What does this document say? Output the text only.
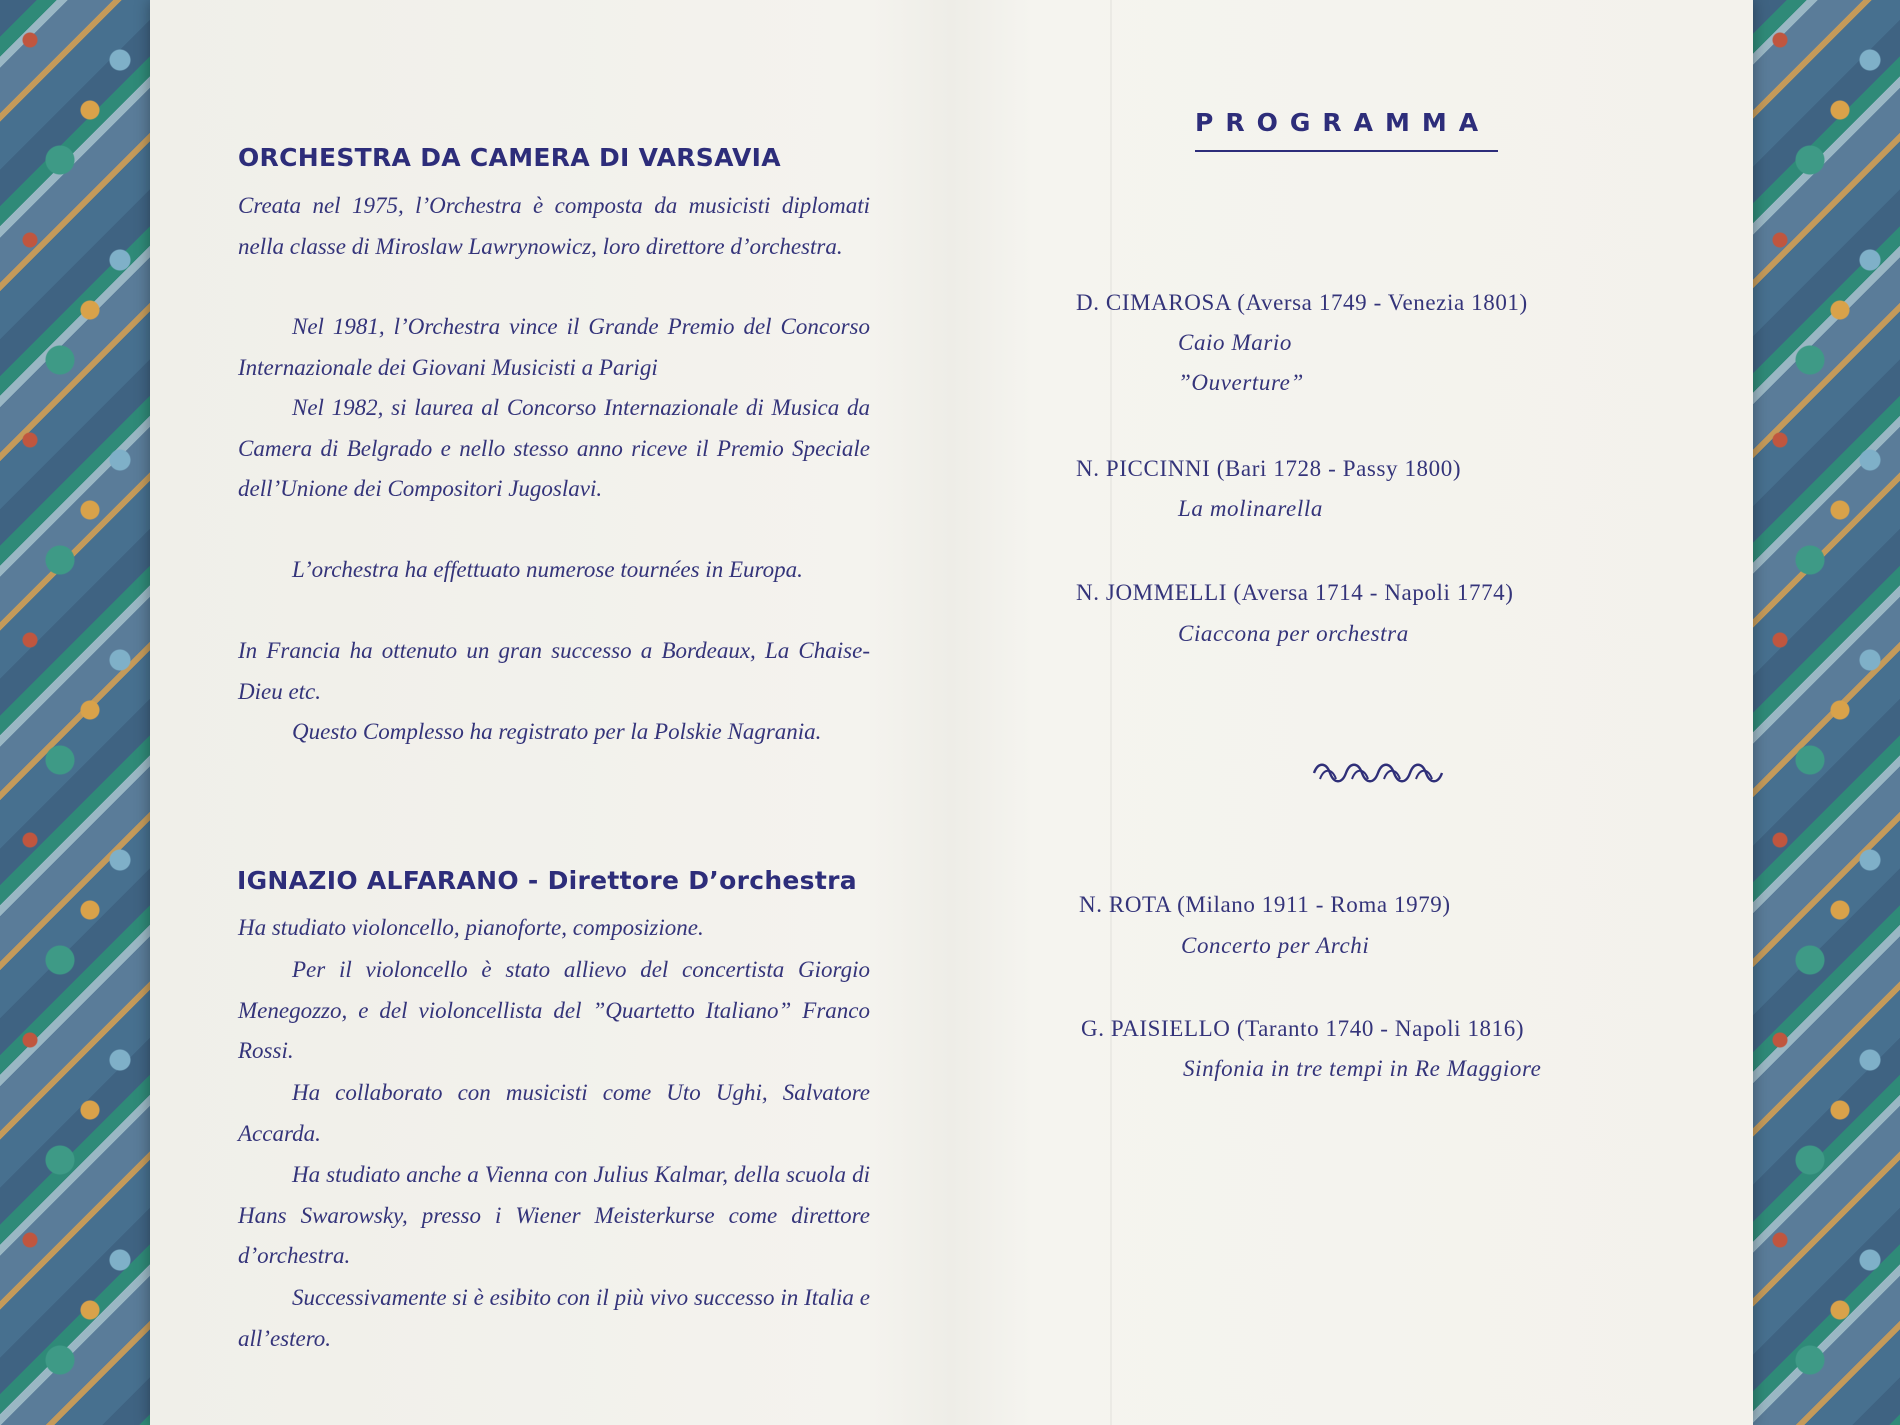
ORCHESTRA DA CAMERA DI VARSAVIA

Creata nel 1975, l’Orchestra è composta da musicisti diplomati nella classe di Miroslaw Lawrynowicz, loro direttore d’orchestra.

Nel 1981, l’Orchestra vince il Grande Premio del Concorso Internazionale dei Giovani Musicisti a Parigi

Nel 1982, si laurea al Concorso Internazionale di Musica da Camera di Belgrado e nello stesso anno riceve il Premio Speciale dell’Unione dei Compositori Jugoslavi.

L’orchestra ha effettuato numerose tournées in Europa.

In Francia ha ottenuto un gran successo a Bordeaux, La Chaise-Dieu etc.

Questo Complesso ha registrato per la Polskie Nagrania.

IGNAZIO ALFARANO - Direttore D’orchestra

Ha studiato violoncello, pianoforte, composizione.

Per il violoncello è stato allievo del concertista Giorgio Menegozzo, e del violoncellista del ”Quartetto Italiano” Franco Rossi.

Ha collaborato con musicisti come Uto Ughi, Salvatore Accarda.

Ha studiato anche a Vienna con Julius Kalmar, della scuola di Hans Swarowsky, presso i Wiener Meisterkurse come direttore d’orchestra.

Successivamente si è esibito con il più vivo successo in Italia e all’estero.

PROGRAMMA

D. CIMAROSA (Aversa 1749 - Venezia 1801)

Caio Mario

”Ouverture”

N. PICCINNI (Bari 1728 - Passy 1800)

La molinarella

N. JOMMELLI (Aversa 1714 - Napoli 1774)

Ciaccona per orchestra

N. ROTA (Milano 1911 - Roma 1979)

Concerto per Archi

G. PAISIELLO (Taranto 1740 - Napoli 1816)

Sinfonia in tre tempi in Re Maggiore
